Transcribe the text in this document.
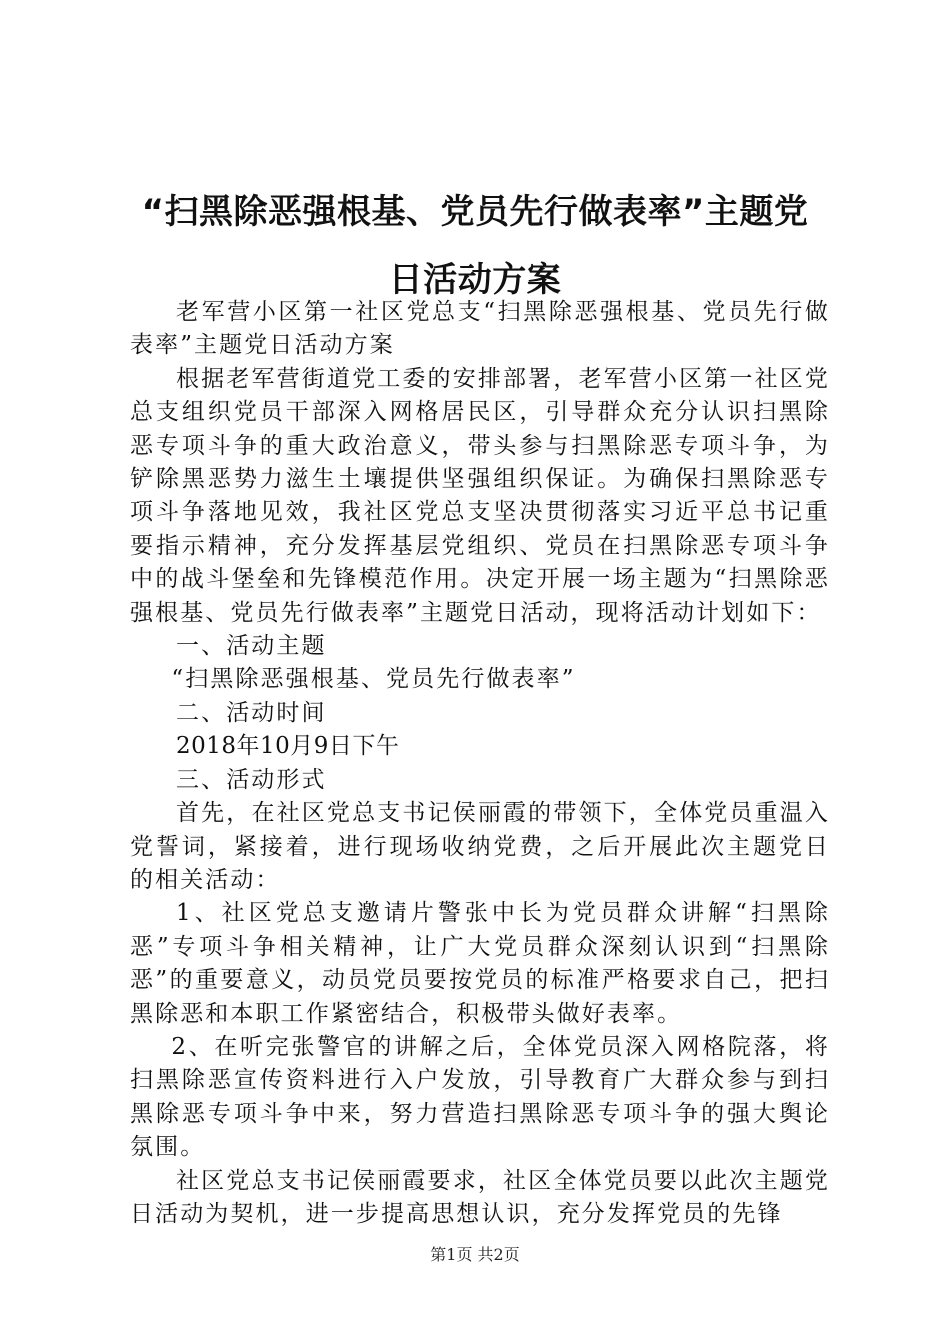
“扫黑除恶强根基、党员先行做表率”主题党
日活动方案

老军营小区第一社区党总支“扫黑除恶强根基、党员先行做表率”主题党日活动方案

根据老军营街道党工委的安排部署，老军营小区第一社区党总支组织党员干部深入网格居民区，引导群众充分认识扫黑除恶专项斗争的重大政治意义，带头参与扫黑除恶专项斗争，为铲除黑恶势力滋生土壤提供坚强组织保证。为确保扫黑除恶专项斗争落地见效，我社区党总支坚决贯彻落实习近平总书记重要指示精神，充分发挥基层党组织、党员在扫黑除恶专项斗争中的战斗堡垒和先锋模范作用。决定开展一场主题为“扫黑除恶强根基、党员先行做表率”主题党日活动，现将活动计划如下：

一、活动主题

“扫黑除恶强根基、党员先行做表率”

二、活动时间

2018年10月9日下午

三、活动形式

首先，在社区党总支书记侯丽霞的带领下，全体党员重温入党誓词，紧接着，进行现场收纳党费，之后开展此次主题党日的相关活动：

1、社区党总支邀请片警张中长为党员群众讲解“扫黑除恶”专项斗争相关精神，让广大党员群众深刻认识到“扫黑除恶”的重要意义，动员党员要按党员的标准严格要求自己，把扫黑除恶和本职工作紧密结合，积极带头做好表率。

2、在听完张警官的讲解之后，全体党员深入网格院落，将扫黑除恶宣传资料进行入户发放，引导教育广大群众参与到扫黑除恶专项斗争中来，努力营造扫黑除恶专项斗争的强大舆论氛围。

社区党总支书记侯丽霞要求，社区全体党员要以此次主题党日活动为契机，进一步提高思想认识，充分发挥党员的先锋

第1页 共2页
